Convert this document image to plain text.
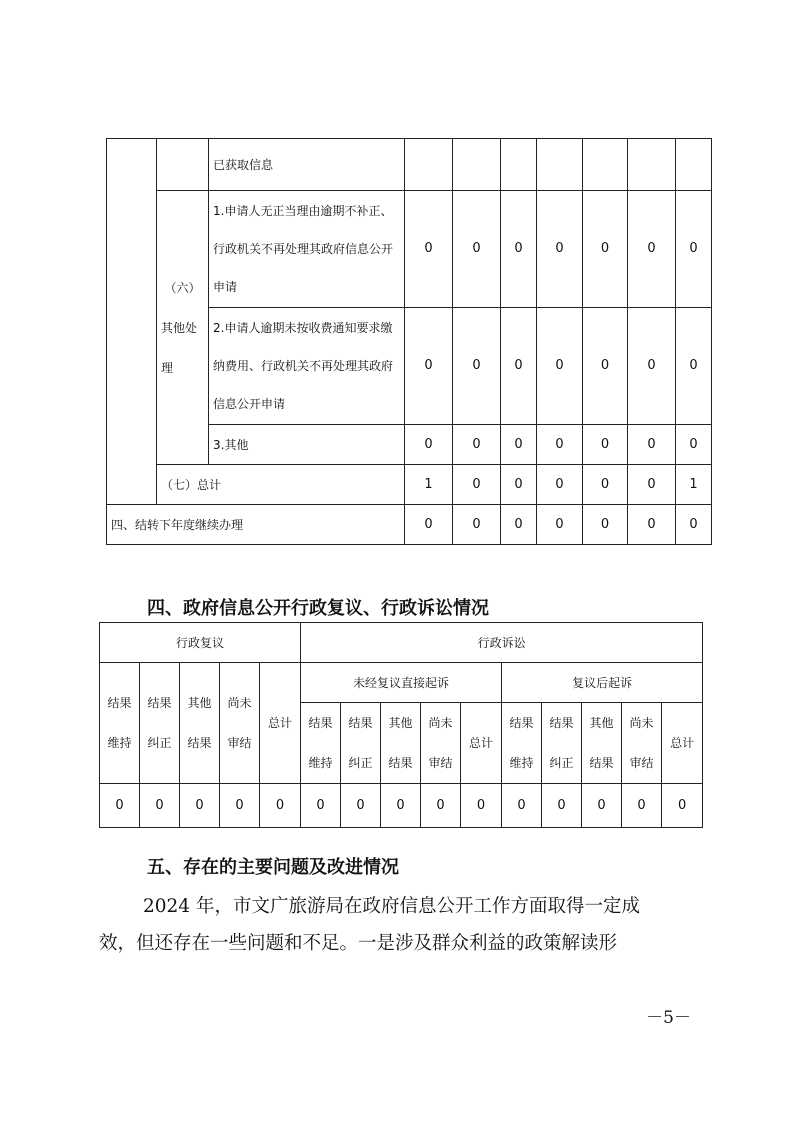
		已获取信息							

	（六）
其他处
理	1.申请人无正当理由逾期不补正、行政机关不再处理其政府信息公开申请	0	0	0	0	0	0	0
		2.申请人逾期未按收费通知要求缴纳费用、行政机关不再处理其政府信息公开申请	0	0	0	0	0	0	0
		3.其他	0	0	0	0	0	0	0
	（七）总计		1	0	0	0	0	0	1

四、结转下年度继续办理			0	0	0	0	0	0	0
四、政府信息公开行政复议、行政诉讼情况
行政复议					行政诉讼									
结果维持	结果纠正	其他结果	尚未审结	总计	未经复议直接起诉					复议后起诉				
					结果维持	结果纠正	其他结果	尚未审结	总计	结果维持	结果纠正	其他结果	尚未审结	总计
0	0	0	0	0	0	0	0	0	0	0	0	0	0	0
五、存在的主要问题及改进情况
2024 年，市文广旅游局在政府信息公开工作方面取得一定成
效，但还存在一些问题和不足。一是涉及群众利益的政策解读形
－5－
